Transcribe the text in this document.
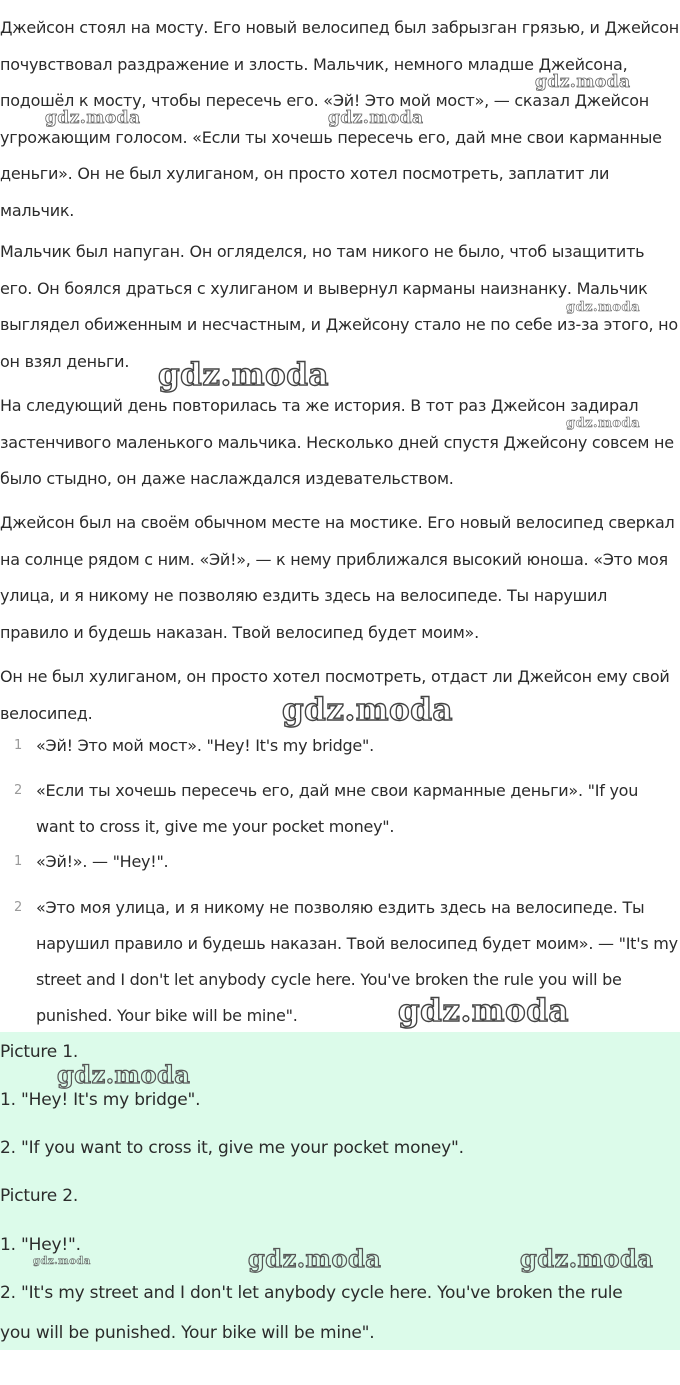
Джейсон стоял на мосту. Его новый велосипед был забрызган грязью, и Джейсон почувствовал раздражение и злость. Мальчик, немного младше Джейсона, подошёл к мосту, чтобы пересечь его. «Эй! Это мой мост», — сказал Джейсон угрожающим голосом. «Если ты хочешь пересечь его, дай мне свои карманные деньги». Он не был хулиганом, он просто хотел посмотреть, заплатит ли мальчик.

Мальчик был напуган. Он огляделся, но там никого не было, чтоб ызащитить его. Он боялся драться с хулиганом и вывернул карманы наизнанку. Мальчик выглядел обиженным и несчастным, и Джейсону стало не по себе из-за этого, но он взял деньги.

На следующий день повторилась та же история. В тот раз Джейсон задирал застенчивого маленького мальчика. Несколько дней спустя Джейсону совсем не было стыдно, он даже наслаждался издевательством.

Джейсон был на своём обычном месте на мостике. Его новый велосипед сверкал на солнце рядом с ним. «Эй!», — к нему приближался высокий юноша. «Это моя улица, и я никому не позволяю ездить здесь на велосипеде. Ты нарушил правило и будешь наказан. Твой велосипед будет моим».

Он не был хулиганом, он просто хотел посмотреть, отдаст ли Джейсон ему свой велосипед.

1 «Эй! Это мой мост». "Hey! It's my bridge".
2 «Если ты хочешь пересечь его, дай мне свои карманные деньги». "If you want to cross it, give me your pocket money".
1 «Эй!». — "Hey!".
2 «Это моя улица, и я никому не позволяю ездить здесь на велосипеде. Ты нарушил правило и будешь наказан. Твой велосипед будет моим». — "It's my street and I don't let anybody cycle here. You've broken the rule you will be punished. Your bike will be mine".
Picture 1.
1. "Hey! It's my bridge".
2. "If you want to cross it, give me your pocket money".
Picture 2.
1. "Hey!".
2. "It's my street and I don't let anybody cycle here. You've broken the rule
you will be punished. Your bike will be mine".
gdz.moda
gdz.moda	gdz.moda
gdz.moda
gdz.moda
gdz.moda
gdz.moda
gdz.moda
